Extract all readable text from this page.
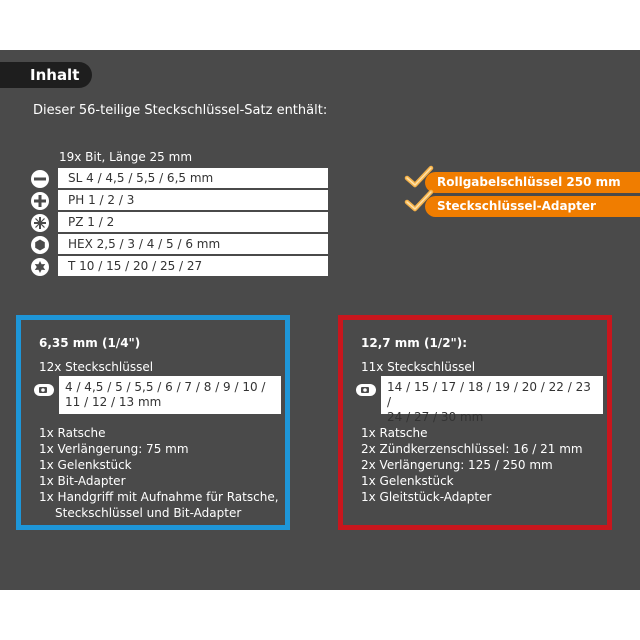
Inhalt
Dieser 56-teilige Steckschlüssel-Satz enthält:
19x Bit, Länge 25 mm
SL 4 / 4,5 / 5,5 / 6,5 mm
PH 1 / 2 / 3
PZ 1 / 2
HEX 2,5 / 3 / 4 / 5 / 6 mm
T 10 / 15 / 20 / 25 / 27
Rollgabelschlüssel 250 mm
Steckschlüssel-Adapter
6,35 mm (1/4")
12x Steckschlüssel
4 / 4,5 / 5 / 5,5 / 6 / 7 / 8 / 9 / 10 /
11 / 12 / 13 mm
1x Ratsche
1x Verlängerung: 75 mm
1x Gelenkstück
1x Bit-Adapter
1x Handgriff mit Aufnahme für Ratsche, Steckschlüssel und Bit-Adapter
12,7 mm (1/2"):
11x Steckschlüssel
14 / 15 / 17 / 18 / 19 / 20 / 22 / 23 /
24 / 27 / 30 mm
1x Ratsche
2x Zündkerzenschlüssel: 16 / 21 mm
2x Verlängerung: 125 / 250 mm
1x Gelenkstück
1x Gleitstück-Adapter
